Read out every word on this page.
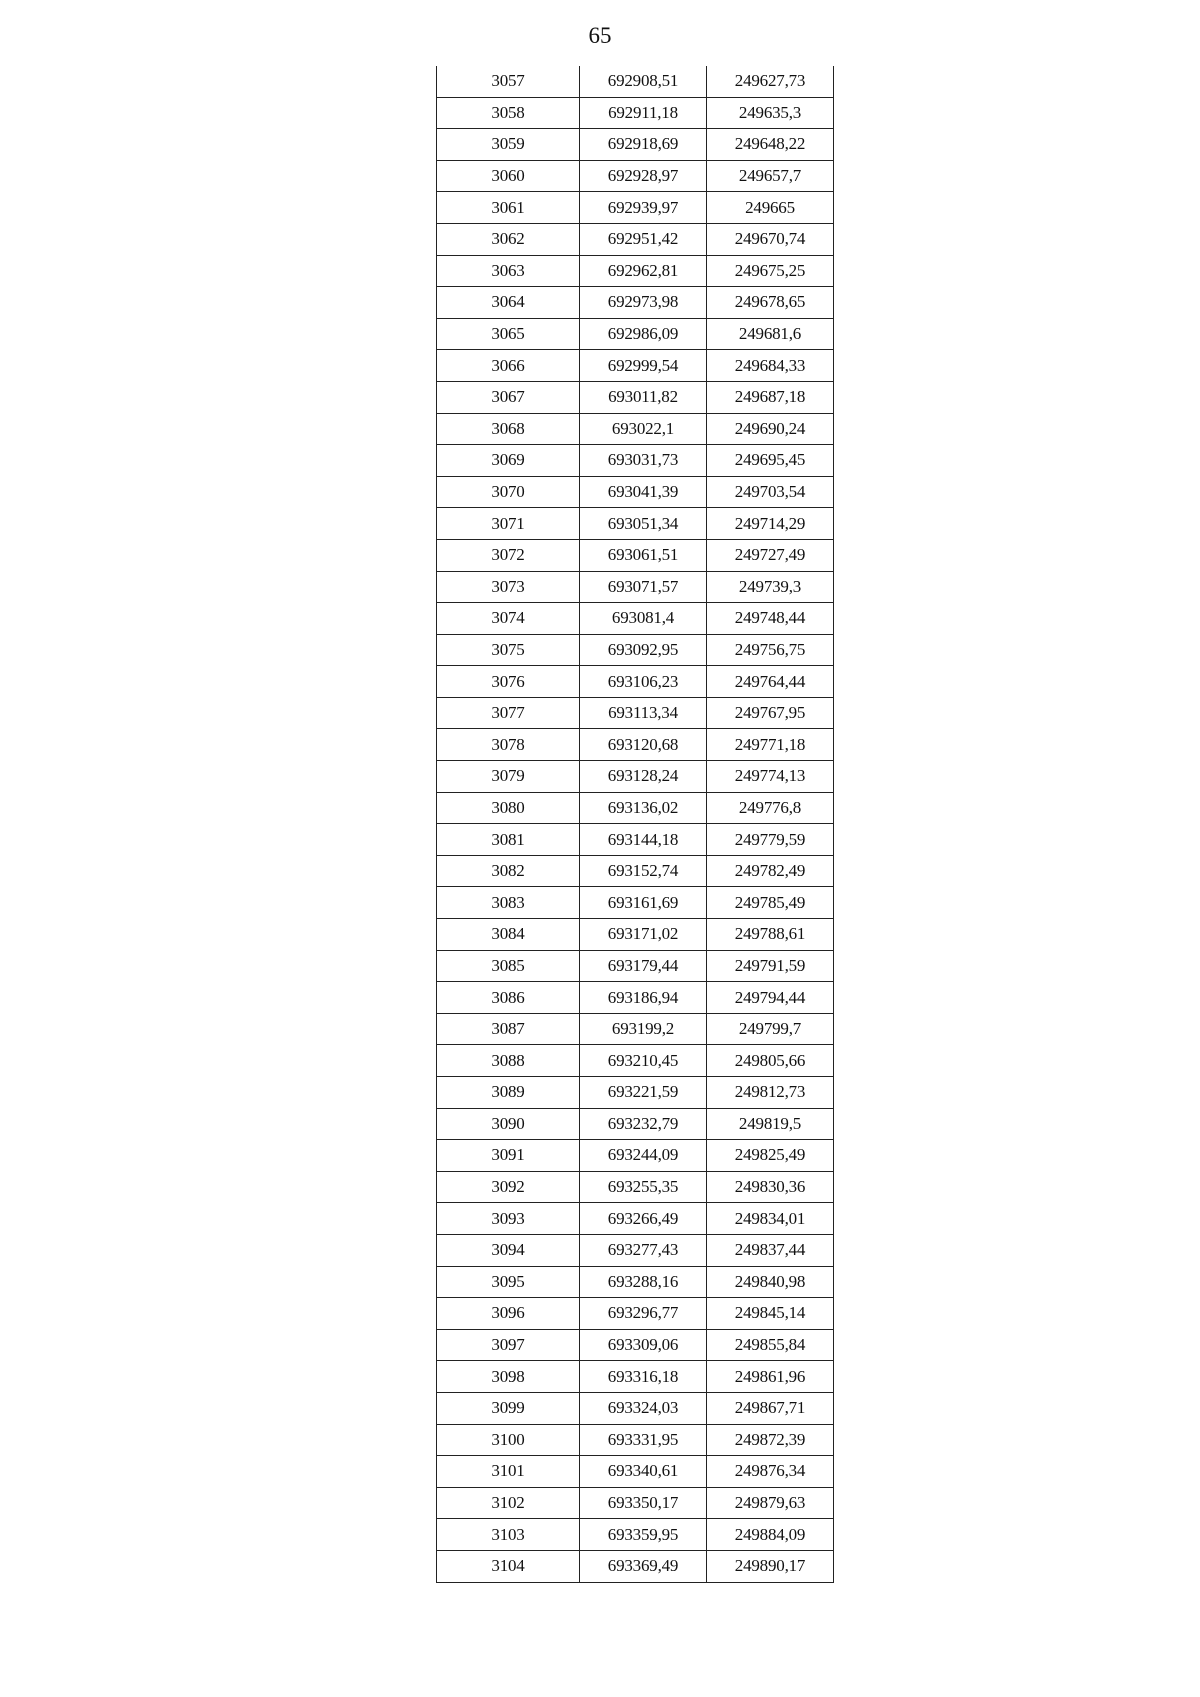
65
3057	692908,51	249627,73
3058	692911,18	249635,3
3059	692918,69	249648,22
3060	692928,97	249657,7
3061	692939,97	249665
3062	692951,42	249670,74
3063	692962,81	249675,25
3064	692973,98	249678,65
3065	692986,09	249681,6
3066	692999,54	249684,33
3067	693011,82	249687,18
3068	693022,1	249690,24
3069	693031,73	249695,45
3070	693041,39	249703,54
3071	693051,34	249714,29
3072	693061,51	249727,49
3073	693071,57	249739,3
3074	693081,4	249748,44
3075	693092,95	249756,75
3076	693106,23	249764,44
3077	693113,34	249767,95
3078	693120,68	249771,18
3079	693128,24	249774,13
3080	693136,02	249776,8
3081	693144,18	249779,59
3082	693152,74	249782,49
3083	693161,69	249785,49
3084	693171,02	249788,61
3085	693179,44	249791,59
3086	693186,94	249794,44
3087	693199,2	249799,7
3088	693210,45	249805,66
3089	693221,59	249812,73
3090	693232,79	249819,5
3091	693244,09	249825,49
3092	693255,35	249830,36
3093	693266,49	249834,01
3094	693277,43	249837,44
3095	693288,16	249840,98
3096	693296,77	249845,14
3097	693309,06	249855,84
3098	693316,18	249861,96
3099	693324,03	249867,71
3100	693331,95	249872,39
3101	693340,61	249876,34
3102	693350,17	249879,63
3103	693359,95	249884,09
3104	693369,49	249890,17
